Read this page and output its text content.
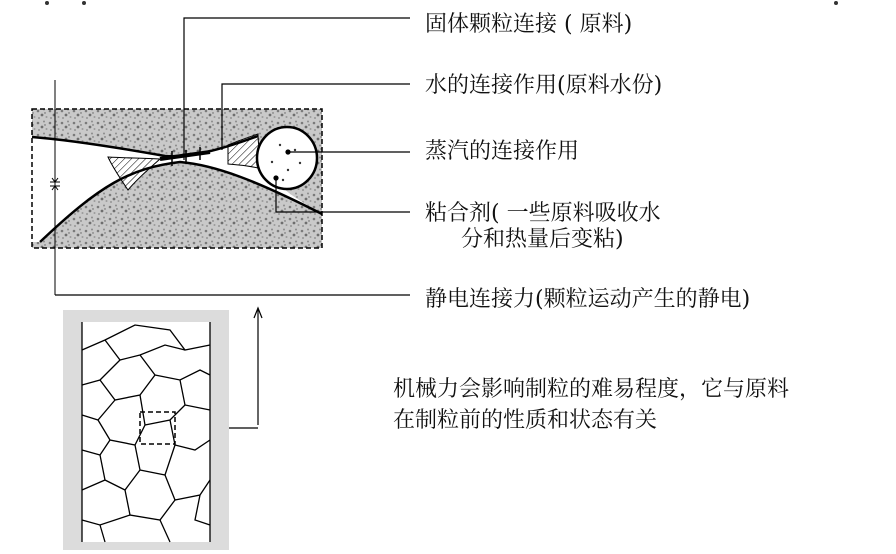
固体颗粒连接 ( 原料)
水的连接作用(原料水份)
蒸汽的连接作用
粘合剂( 一些原料吸收水
分和热量后变粘)
静电连接力(颗粒运动产生的静电)
机械力会影响制粒的难易程度，它与原料
在制粒前的性质和状态有关
